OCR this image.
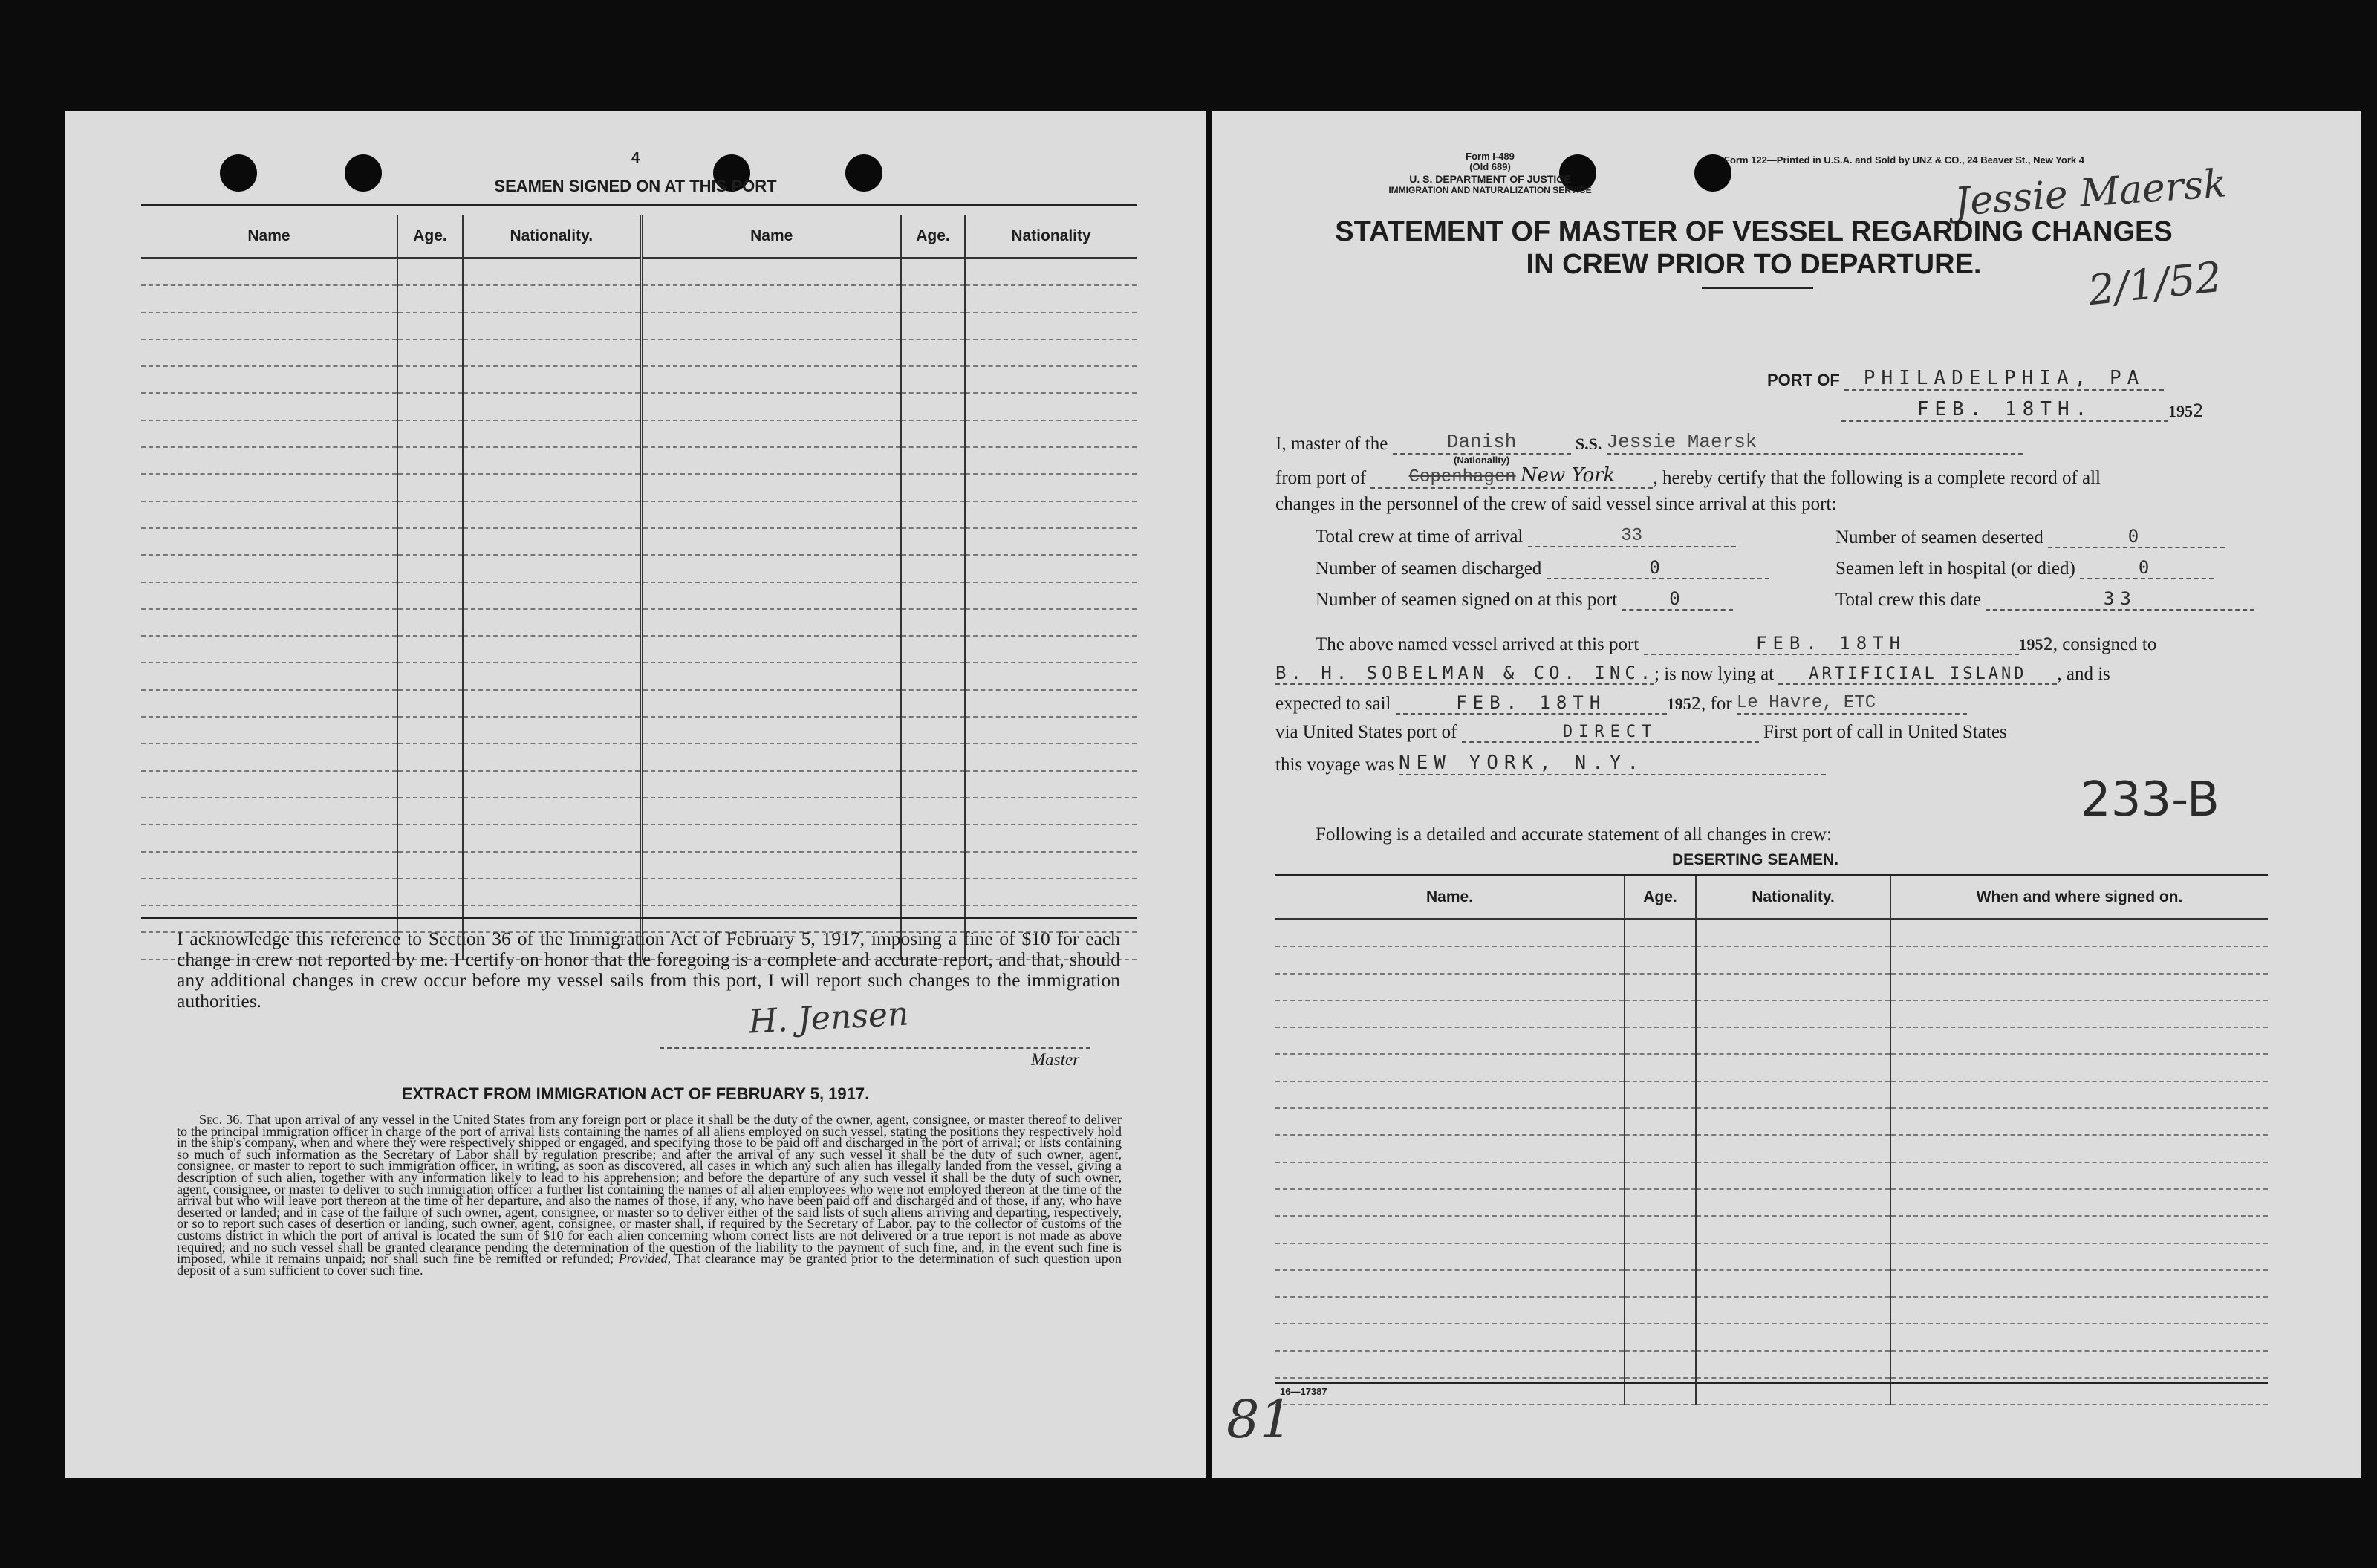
4
SEAMEN SIGNED ON AT THIS PORT
Name	Age.	Nationality.	Name	Age.	Nationality

I acknowledge this reference to Section 36 of the Immigration Act of February 5, 1917, imposing a fine of $10 for each change in crew not reported by me. I certify on honor that the foregoing is a complete and accurate report, and that, should any additional changes in crew occur before my vessel sails from this port, I will report such changes to the immigration authorities.	H. Jensen
Master
EXTRACT FROM IMMIGRATION ACT OF FEBRUARY 5, 1917.
Sec. 36. That upon arrival of any vessel in the United States from any foreign port or place it shall be the duty of the owner, agent, consignee, or master thereof to deliver to the principal immigration officer in charge of the port of arrival lists containing the names of all aliens employed on such vessel, stating the positions they respectively hold in the ship's company, when and where they were respectively shipped or engaged, and specifying those to be paid off and discharged in the port of arrival; or lists containing so much of such information as the Secretary of Labor shall by regulation prescribe; and after the arrival of any such vessel it shall be the duty of such owner, agent, consignee, or master to report to such immigration officer, in writing, as soon as discovered, all cases in which any such alien has illegally landed from the vessel, giving a description of such alien, together with any information likely to lead to his apprehension; and before the departure of any such vessel it shall be the duty of such owner, agent, consignee, or master to deliver to such immigration officer a further list containing the names of all alien employees who were not employed thereon at the time of the arrival but who will leave port thereon at the time of her departure, and also the names of those, if any, who have been paid off and discharged and of those, if any, who have deserted or landed; and in case of the failure of such owner, agent, consignee, or master so to deliver either of the said lists of such aliens arriving and departing, respectively, or so to report such cases of desertion or landing, such owner, agent, consignee, or master shall, if required by the Secretary of Labor, pay to the collector of customs of the customs district in which the port of arrival is located the sum of $10 for each alien concerning whom correct lists are not delivered or a true report is not made as above required; and no such vessel shall be granted clearance pending the determination of the question of the liability to the payment of such fine, and, in the event such fine is imposed, while it remains unpaid; nor shall such fine be remitted or refunded; Provided, That clearance may be granted prior to the determination of such question upon deposit of a sum sufficient to cover such fine.
Form I-489
(Old 689)
U. S. DEPARTMENT OF JUSTICE
IMMIGRATION AND NATURALIZATION SERVICE
Form 122—Printed in U.S.A. and Sold by UNZ & CO., 24 Beaver St., New York 4
Jessie Maersk
2/1/52
STATEMENT OF MASTER OF VESSEL REGARDING CHANGES
IN CREW PRIOR TO DEPARTURE.
PORT OF PHILADELPHIA, PA
FEB. 18TH.	1952
I, master of the	Danish
(Nationality)
S.S. Jessie Maersk
from port of Copenhagen New York , hereby certify that the following is a complete record of all
changes in the personnel of the crew of said vessel since arrival at this port:
Total crew at time of arrival	33	Number of seamen deserted	0
Number of seamen discharged	0	Seamen left in hospital (or died)	0
Number of seamen signed on at this port	0	Total crew this date	33
The above named vessel arrived at this port	FEB. 18TH	1952, consigned to
B. H. SOBELMAN & CO. INC.; is now lying at ARTIFICIAL ISLAND , and is
expected to sail	FEB. 18TH	1952, for Le Havre, ETC
via United States port of	DIRECT	First port of call in United States
this voyage was NEW YORK, N.Y.
233-B
Following is a detailed and accurate statement of all changes in crew:
DESERTING SEAMEN.
Name.	Age.	Nationality.	When and where signed on.

16—17387
81
